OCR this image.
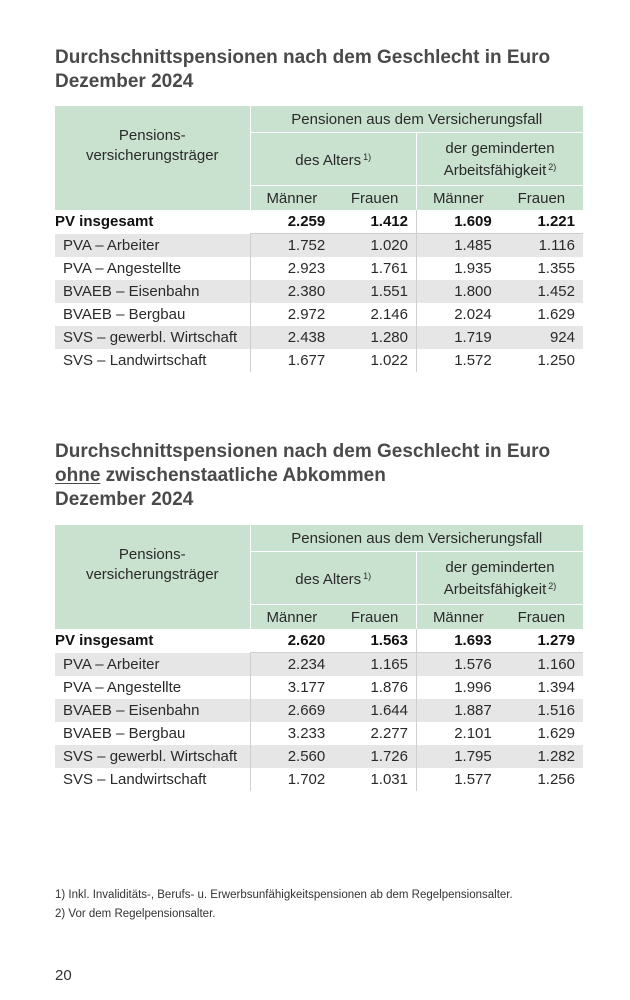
Durchschnittspensionen nach dem Geschlecht in Euro
Dezember 2024
Pensions-
versicherungsträger	Pensionen aus dem Versicherungsfall			
	des Alters $^{1)}$		der geminderten
Arbeitsfähigkeit $^{2)}$
	Männer	Frauen	Männer	Frauen
PV insgesamt	2.259	1.412	1.609	1.221
PVA – Arbeiter	1.752	1.020	1.485	1.116
PVA – Angestellte	2.923	1.761	1.935	1.355
BVAEB – Eisenbahn	2.380	1.551	1.800	1.452
BVAEB – Bergbau	2.972	2.146	2.024	1.629
SVS – gewerbl. Wirtschaft	2.438	1.280	1.719	924
SVS – Landwirtschaft	1.677	1.022	1.572	1.250
Durchschnittspensionen nach dem Geschlecht in Euro
ohne zwischenstaatliche Abkommen
Dezember 2024
Pensions-
versicherungsträger	Pensionen aus dem Versicherungsfall			
	des Alters $^{1)}$		der geminderten
Arbeitsfähigkeit $^{2)}$
	Männer	Frauen	Männer	Frauen
PV insgesamt	2.620	1.563	1.693	1.279
PVA – Arbeiter	2.234	1.165	1.576	1.160
PVA – Angestellte	3.177	1.876	1.996	1.394
BVAEB – Eisenbahn	2.669	1.644	1.887	1.516
BVAEB – Bergbau	3.233	2.277	2.101	1.629
SVS – gewerbl. Wirtschaft	2.560	1.726	1.795	1.282
SVS – Landwirtschaft	1.702	1.031	1.577	1.256
1) Inkl. Invaliditäts-, Berufs- u. Erwerbsunfähigkeitspensionen ab dem Regelpensionsalter.
2) Vor dem Regelpensionsalter.
20
